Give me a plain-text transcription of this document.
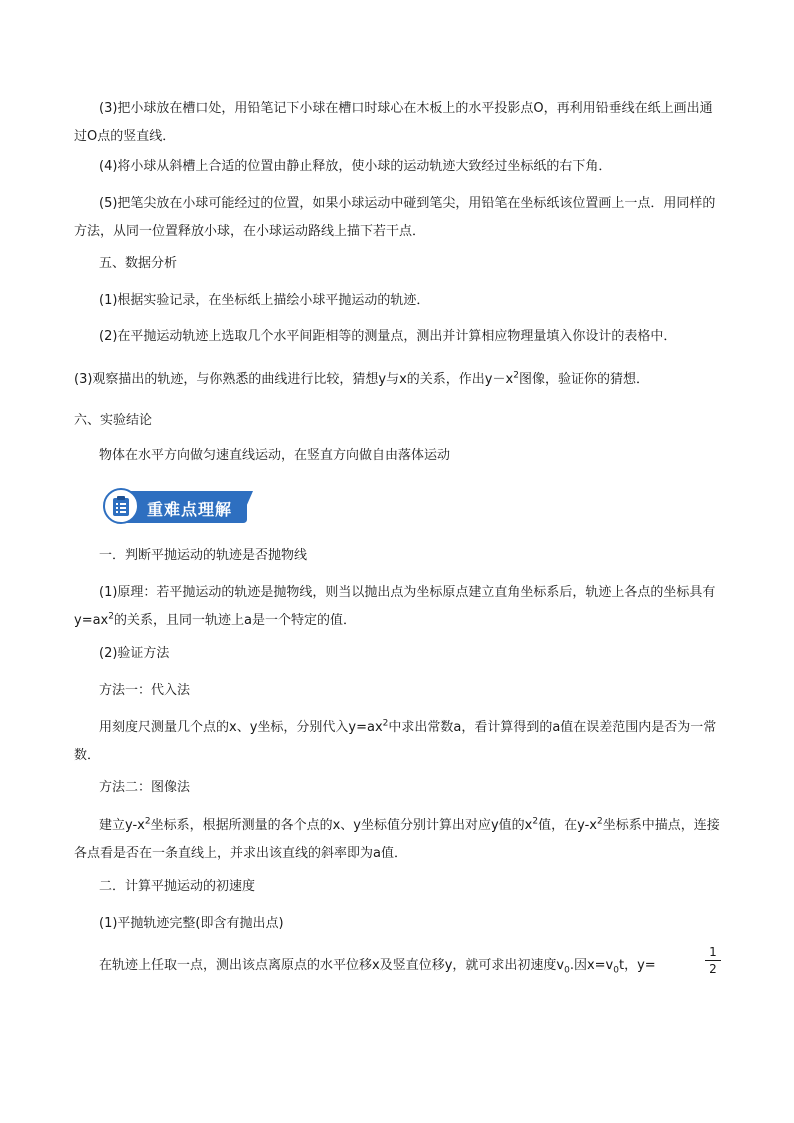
(3)把小球放在槽口处，用铅笔记下小球在槽口时球心在木板上的水平投影点O，再利用铅垂线在纸上画出通过O点的竖直线．

(4)将小球从斜槽上合适的位置由静止释放，使小球的运动轨迹大致经过坐标纸的右下角．

(5)把笔尖放在小球可能经过的位置，如果小球运动中碰到笔尖，用铅笔在坐标纸该位置画上一点．用同样的方法，从同一位置释放小球，在小球运动路线上描下若干点．

五、数据分析

(1)根据实验记录，在坐标纸上描绘小球平抛运动的轨迹．

(2)在平抛运动轨迹上选取几个水平间距相等的测量点，测出并计算相应物理量填入你设计的表格中．

(3)观察描出的轨迹，与你熟悉的曲线进行比较，猜想y与x的关系，作出$y-x^2$图像，验证你的猜想．

六、实验结论

物体在水平方向做匀速直线运动，在竖直方向做自由落体运动

重难点理解

一．判断平抛运动的轨迹是否抛物线

(1)原理：若平抛运动的轨迹是抛物线，则当以抛出点为坐标原点建立直角坐标系后，轨迹上各点的坐标具有$y=ax^2$的关系，且同一轨迹上a是一个特定的值．

(2)验证方法

方法一：代入法

用刻度尺测量几个点的x、y坐标，分别代入$y=ax^2$中求出常数a，看计算得到的a值在误差范围内是否为一常数．

方法二：图像法

建立$y-x^2$坐标系，根据所测量的各个点的x、y坐标值分别计算出对应y值的$x^2$值，在$y-x^2$坐标系中描点，连接各点看是否在一条直线上，并求出该直线的斜率即为a值．

二．计算平抛运动的初速度

(1)平抛轨迹完整(即含有抛出点)

在轨迹上任取一点，测出该点离原点的水平位移x及竖直位移y，就可求出初速度$v_0$.因$x=v_0t$，y=

1
2
